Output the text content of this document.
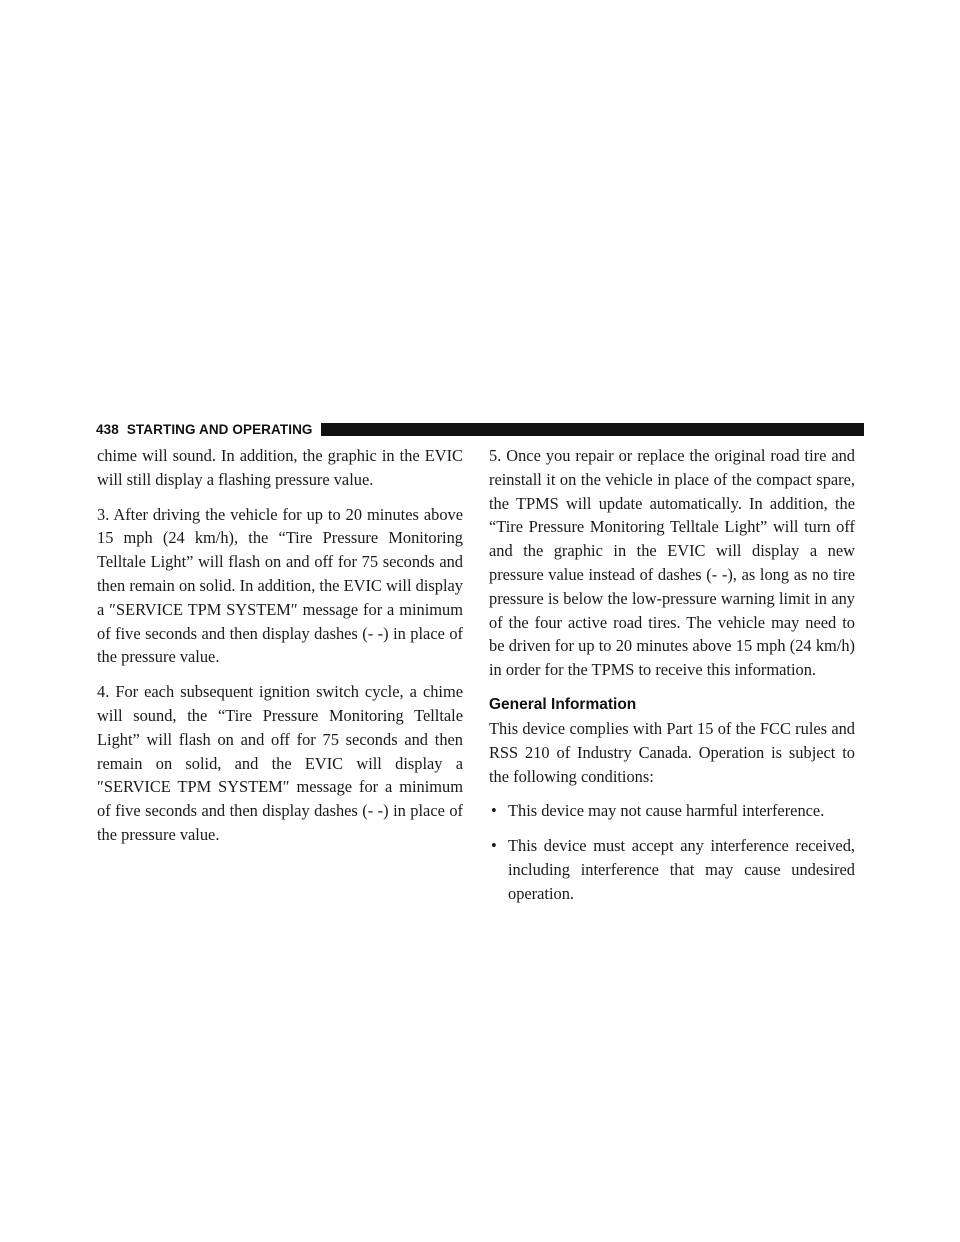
438 STARTING AND OPERATING

chime will sound. In addition, the graphic in the EVIC will still display a flashing pressure value.

3. After driving the vehicle for up to 20 minutes above 15 mph (24 km/h), the “Tire Pressure Monitoring Telltale Light” will flash on and off for 75 seconds and then remain on solid. In addition, the EVIC will display a ″SERVICE TPM SYSTEM″ message for a minimum of five seconds and then display dashes (- -) in place of the pressure value.

4. For each subsequent ignition switch cycle, a chime will sound, the “Tire Pressure Monitoring Telltale Light” will flash on and off for 75 seconds and then remain on solid, and the EVIC will display a ″SERVICE TPM SYSTEM″ message for a minimum of five seconds and then display dashes (- -) in place of the pressure value.

5. Once you repair or replace the original road tire and reinstall it on the vehicle in place of the compact spare, the TPMS will update automatically. In addition, the “Tire Pressure Monitoring Telltale Light” will turn off and the graphic in the EVIC will display a new pressure value instead of dashes (- -), as long as no tire pressure is below the low-pressure warning limit in any of the four active road tires. The vehicle may need to be driven for up to 20 minutes above 15 mph (24 km/h) in order for the TPMS to receive this information.

General Information

This device complies with Part 15 of the FCC rules and RSS 210 of Industry Canada. Operation is subject to the following conditions:

• This device may not cause harmful interference.
• This device must accept any interference received, including interference that may cause undesired operation.
